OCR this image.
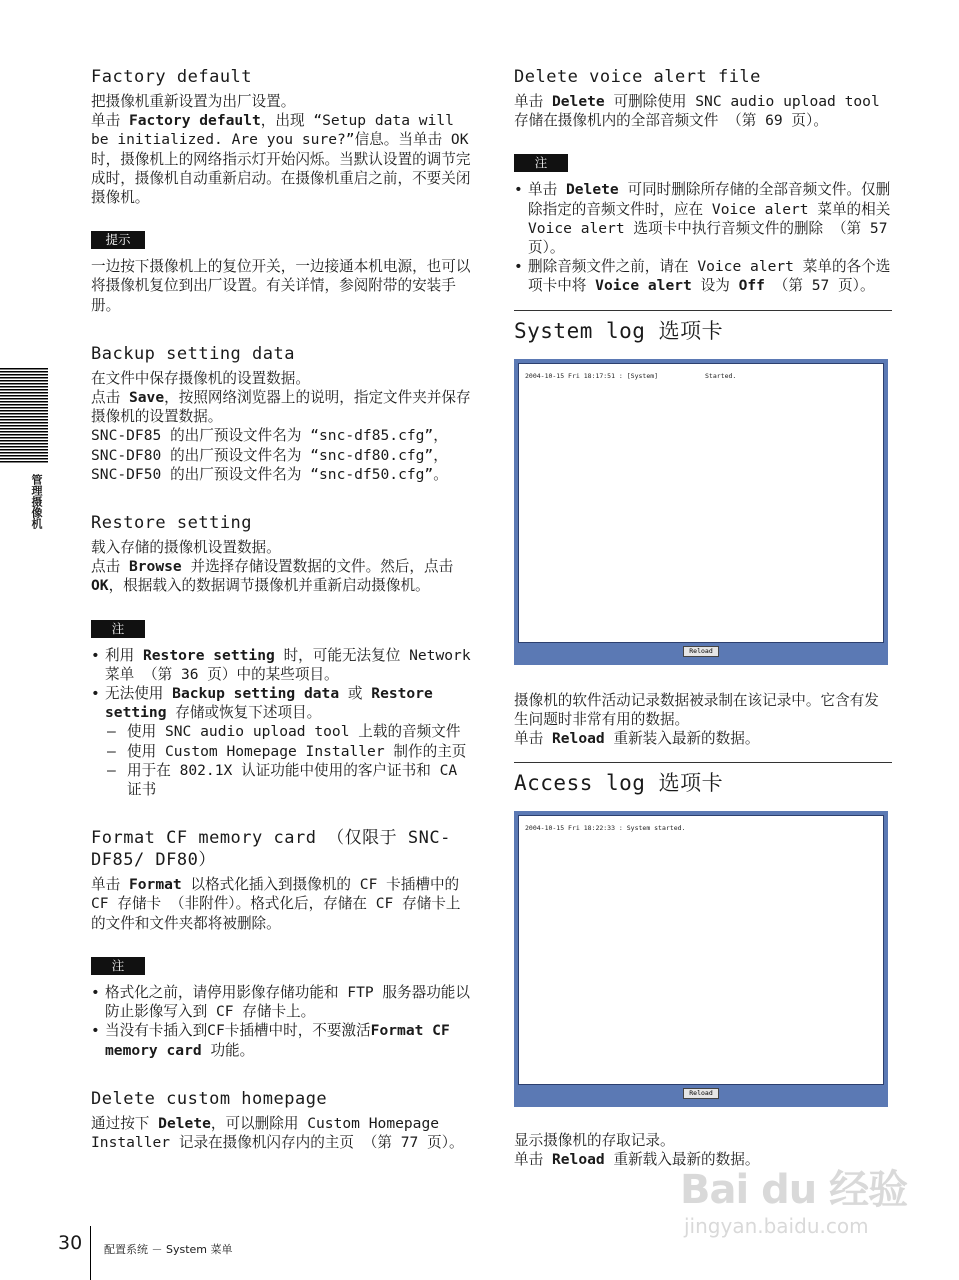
管理摄像机
Factory default

把摄像机重新设置为出厂设置。

单击 Factory default，出现 “Setup data will be initialized. Are you sure?”信息。当单击 OK 时，摄像机上的网络指示灯开始闪烁。当默认设置的调节完成时，摄像机自动重新启动。在摄像机重启之前，不要关闭摄像机。

提示

一边按下摄像机上的复位开关，一边接通本机电源，也可以将摄像机复位到出厂设置。有关详情，参阅附带的安装手册。

Backup setting data

在文件中保存摄像机的设置数据。

点击 Save，按照网络浏览器上的说明，指定文件夹并保存摄像机的设置数据。

SNC-DF85 的出厂预设文件名为 “snc-df85.cfg”，

SNC-DF80 的出厂预设文件名为 “snc-df80.cfg”，

SNC-DF50 的出厂预设文件名为 “snc-df50.cfg”。

Restore setting

载入存储的摄像机设置数据。

点击 Browse 并选择存储设置数据的文件。然后，点击 OK，根据载入的数据调节摄像机并重新启动摄像机。

注
• 利用 Restore setting 时，可能无法复位 Network 菜单 （第 36 页）中的某些项目。
• 无法使用 Backup setting data 或 Restore setting 存储或恢复下述项目。
– 使用 SNC audio upload tool 上载的音频文件
– 使用 Custom Homepage Installer 制作的主页
– 用于在 802.1X 认证功能中使用的客户证书和 CA 证书
Format CF memory card （仅限于 SNC-DF85/ DF80）

单击 Format 以格式化插入到摄像机的 CF 卡插槽中的 CF 存储卡 （非附件）。格式化后，存储在 CF 存储卡上的文件和文件夹都将被删除。

注
• 格式化之前，请停用影像存储功能和 FTP 服务器功能以防止影像写入到 CF 存储卡上。
• 当没有卡插入到CF卡插槽中时，不要激活Format CF memory card 功能。
Delete custom homepage

通过按下 Delete，可以删除用 Custom Homepage Installer 记录在摄像机闪存内的主页 （第 77 页）。

Delete voice alert file

单击 Delete 可删除使用 SNC audio upload tool 存储在摄像机内的全部音频文件 （第 69 页）。

注
• 单击 Delete 可同时删除所存储的全部音频文件。仅删除指定的音频文件时，应在 Voice alert 菜单的相关 Voice alert 选项卡中执行音频文件的删除 （第 57 页）。
• 删除音频文件之前，请在 Voice alert 菜单的各个选项卡中将 Voice alert 设为 Off （第 57 页）。
System log 选项卡
2004-10-15 Fri 18:17:51 : [System]            Started.
Reload

摄像机的软件活动记录数据被录制在该记录中。它含有发生问题时非常有用的数据。

单击 Reload 重新装入最新的数据。

Access log 选项卡
2004-10-15 Fri 18:22:33 : System started.
Reload

显示摄像机的存取记录。

单击 Reload 重新载入最新的数据。

Bai du 经验
jingyan.baidu.com
30 配置系统 － System 菜单
